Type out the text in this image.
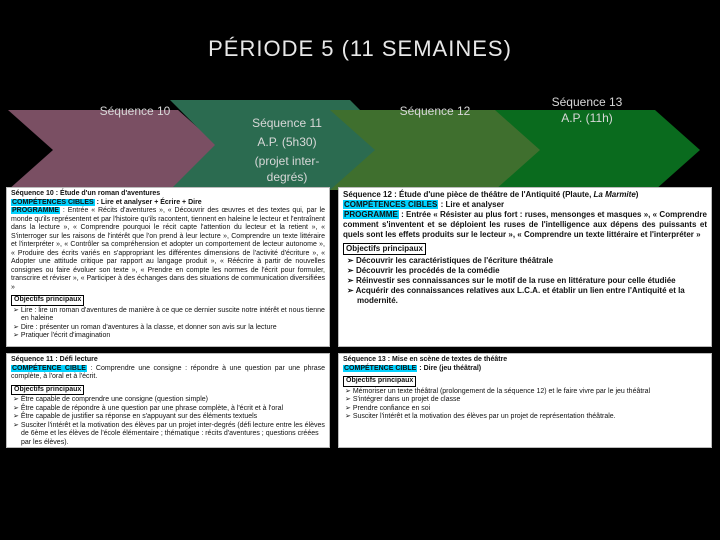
PÉRIODE 5 (11 SEMAINES)
Séquence 10
Séquence 11
A.P. (5h30)
(projet inter-
degrés)
Séquence 12
Séquence 13
A.P. (11h)
Séquence 10 : Étude d'un roman d'aventures
COMPÉTENCES CIBLES : Lire et analyser + Écrire + Dire
PROGRAMME : Entrée « Récits d'aventures », « Découvrir des œuvres et des textes qui, par le monde qu'ils représentent et par l'histoire qu'ils racontent, tiennent en haleine le lecteur et l'entraînent dans la lecture », « Comprendre pourquoi le récit capte l'attention du lecteur et la retient », « S'interroger sur les raisons de l'intérêt que l'on prend à leur lecture », Comprendre un texte littéraire et l'interpréter », « Contrôler sa compréhension et adopter un comportement de lecteur autonome », « Produire des écrits variés en s'appropriant les différentes dimensions de l'activité d'écriture », « Adopter une attitude critique par rapport au langage produit », « Réécrire à partir de nouvelles consignes ou faire évoluer son texte », « Prendre en compte les normes de l'écrit pour formuler, transcrire et réviser », « Participer à des échanges dans des situations de communication diversifiées »
Objectifs principaux
➢ Lire : lire un roman d'aventures de manière à ce que ce dernier suscite notre intérêt et nous tienne en haleine
➢ Dire : présenter un roman d'aventures à la classe, et donner son avis sur la lecture
➢ Pratiquer l'écrit d'imagination
Séquence 12 : Étude d'une pièce de théâtre de l'Antiquité (Plaute, La Marmite)
COMPÉTENCES CIBLES : Lire et analyser
PROGRAMME : Entrée « Résister au plus fort : ruses, mensonges et masques », « Comprendre comment s'inventent et se déploient les ruses de l'intelligence aux dépens des puissants et quels sont les effets produits sur le lecteur », « Comprendre un texte littéraire et l'interpréter »
Objectifs principaux
➢ Découvrir les caractéristiques de l'écriture théâtrale
➢ Découvrir les procédés de la comédie
➢ Réinvestir ses connaissances sur le motif de la ruse en littérature pour celle étudiée
➢ Acquérir des connaissances relatives aux L.C.A. et établir un lien entre l'Antiquité et la modernité.
Séquence 11 : Défi lecture
COMPÉTENCE CIBLE : Comprendre une consigne : répondre à une question par une phrase complète, à l'oral et à l'écrit.
Objectifs principaux
➢ Être capable de comprendre une consigne (question simple)
➢ Être capable de répondre à une question par une phrase complète, à l'écrit et à l'oral
➢ Être capable de justifier sa réponse en s'appuyant sur des éléments textuels
➢ Susciter l'intérêt et la motivation des élèves par un projet inter-degrés (défi lecture entre les élèves de 6ème et les élèves de l'école élémentaire ; thématique : récits d'aventures ; questions créées par les élèves).
Séquence 13 : Mise en scène de textes de théâtre
COMPÉTENCE CIBLE : Dire (jeu théâtral)
Objectifs principaux
➢ Mémoriser un texte théâtral (prolongement de la séquence 12) et le faire vivre par le jeu théâtral
➢ S'intégrer dans un projet de classe
➢ Prendre confiance en soi
➢ Susciter l'intérêt et la motivation des élèves par un projet de représentation théâtrale.
